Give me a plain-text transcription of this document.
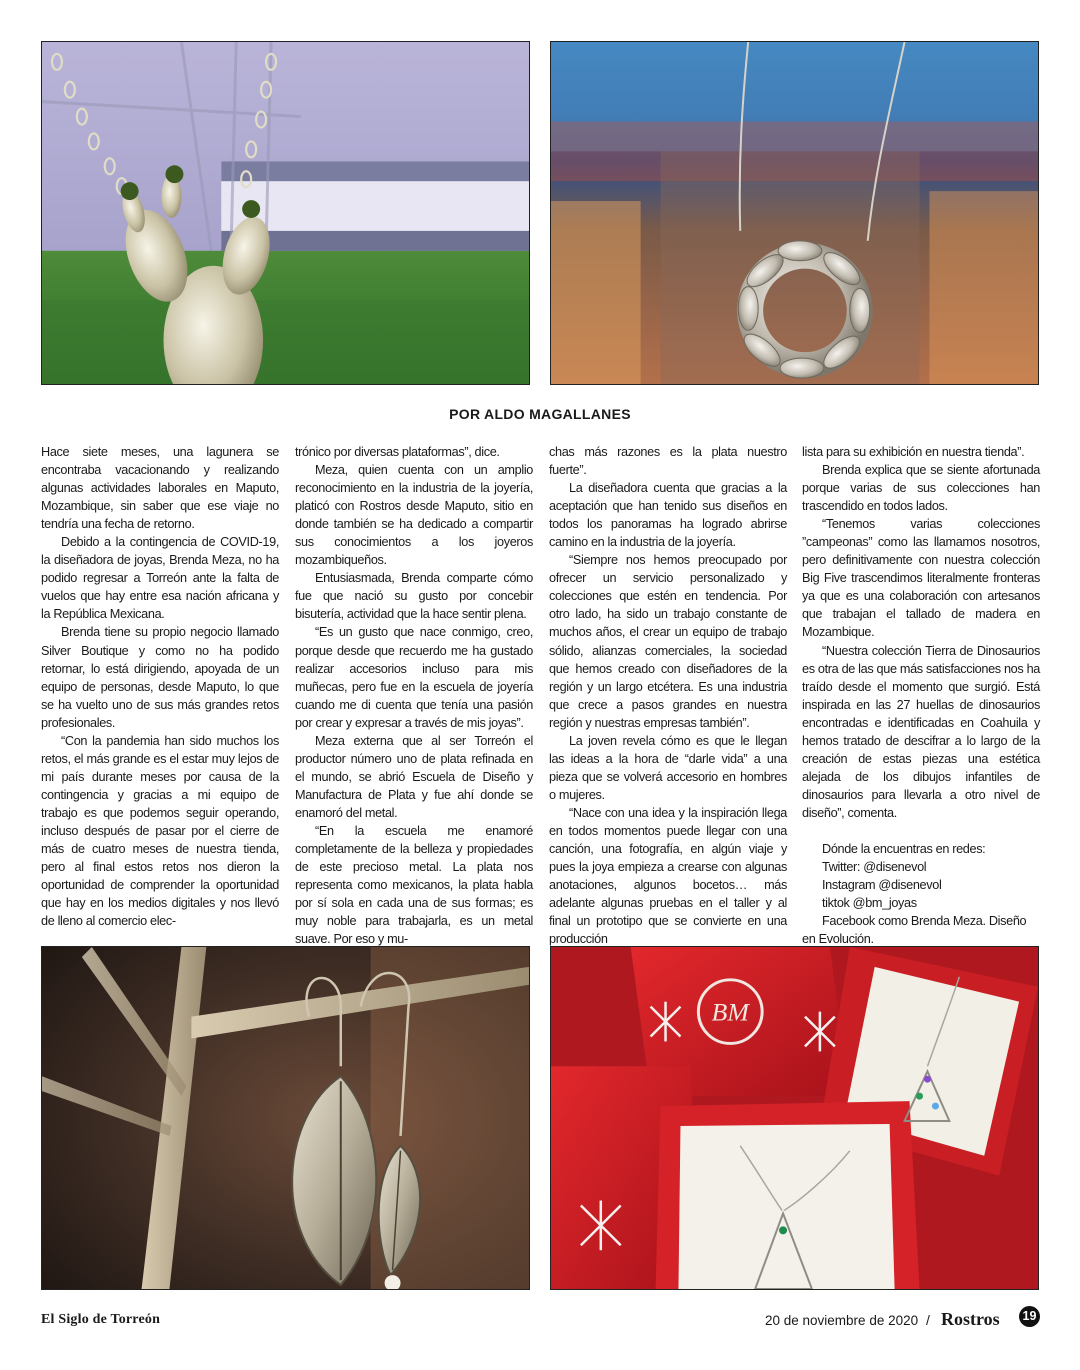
POR ALDO MAGALLANES

Hace siete meses, una lagunera se encontraba vacacionando y realizando algunas actividades laborales en Maputo, Mozambique, sin saber que ese viaje no tendría una fecha de retorno.

Debido a la contingencia de COVID-19, la diseñadora de joyas, Brenda Meza, no ha podido regresar a Torreón ante la falta de vuelos que hay entre esa nación africana y la República Mexicana.

Brenda tiene su propio negocio llamado Silver Boutique y como no ha podido retornar, lo está dirigiendo, apoyada de un equipo de personas, desde Maputo, lo que se ha vuelto uno de sus más grandes retos profesionales.

“Con la pandemia han sido muchos los retos, el más grande es el estar muy lejos de mi país durante meses por causa de la contingencia y gracias a mi equipo de trabajo es que podemos seguir operando, incluso después de pasar por el cierre de más de cuatro meses de nuestra tienda, pero al final estos retos nos dieron la oportunidad de comprender la oportunidad que hay en los medios digitales y nos llevó de lleno al comercio elec-

trónico por diversas plataformas”, dice.

Meza, quien cuenta con un amplio reconocimiento en la industria de la joyería, platicó con Rostros desde Maputo, sitio en donde también se ha dedicado a compartir sus conocimientos a los joyeros mozambiqueños.

Entusiasmada, Brenda comparte cómo fue que nació su gusto por concebir bisutería, actividad que la hace sentir plena.

“Es un gusto que nace conmigo, creo, porque desde que recuerdo me ha gustado realizar accesorios incluso para mis muñecas, pero fue en la escuela de joyería cuando me di cuenta que tenía una pasión por crear y expresar a través de mis joyas”.

Meza externa que al ser Torreón el productor número uno de plata refinada en el mundo, se abrió Escuela de Diseño y Manufactura de Plata y fue ahí donde se enamoró del metal.

“En la escuela me enamoré completamente de la belleza y propiedades de este precioso metal. La plata nos representa como mexicanos, la plata habla por sí sola en cada una de sus formas; es muy noble para trabajarla, es un metal suave. Por eso y mu-

chas más razones es la plata nuestro fuerte”.

La diseñadora cuenta que gracias a la aceptación que han tenido sus diseños en todos los panoramas ha logrado abrirse camino en la industria de la joyería.

“Siempre nos hemos preocupado por ofrecer un servicio personalizado y colecciones que estén en tendencia. Por otro lado, ha sido un trabajo constante de muchos años, el crear un equipo de trabajo sólido, alianzas comerciales, la sociedad que hemos creado con diseñadores de la región y un largo etcétera. Es una industria que crece a pasos grandes en nuestra región y nuestras empresas también”.

La joven revela cómo es que le llegan las ideas a la hora de “darle vida” a una pieza que se volverá accesorio en hombres o mujeres.

“Nace con una idea y la inspiración llega en todos momentos puede llegar con una canción, una fotografía, en algún viaje y pues la joya empieza a crearse con algunas anotaciones, algunos bocetos… más adelante algunas pruebas en el taller y al final un prototipo que se convierte en una producción

lista para su exhibición en nuestra tienda”.

Brenda explica que se siente afortunada porque varias de sus colecciones han trascendido en todos lados.

“Tenemos varias colecciones ”campeonas” como las llamamos nosotros, pero definitivamente con nuestra colección Big Five trascendimos literalmente fronteras ya que es una colaboración con artesanos que trabajan el tallado de madera en Mozambique.

“Nuestra colección Tierra de Dinosaurios es otra de las que más satisfacciones nos ha traído desde el momento que surgió. Está inspirada en las 27 huellas de dinosaurios encontradas e identificadas en Coahuila y hemos tratado de descifrar a lo largo de la creación de estas piezas una estética alejada de los dibujos infantiles de dinosaurios para llevarla a otro nivel de diseño”, comenta.

Dónde la encuentras en redes:

Twitter: @disenevol

Instagram @disenevol

tiktok @bm_joyas

Facebook como Brenda Meza. Diseño en Evolución.

BM
El Siglo de Torreón	20 de noviembre de 2020 / Rostros 19
